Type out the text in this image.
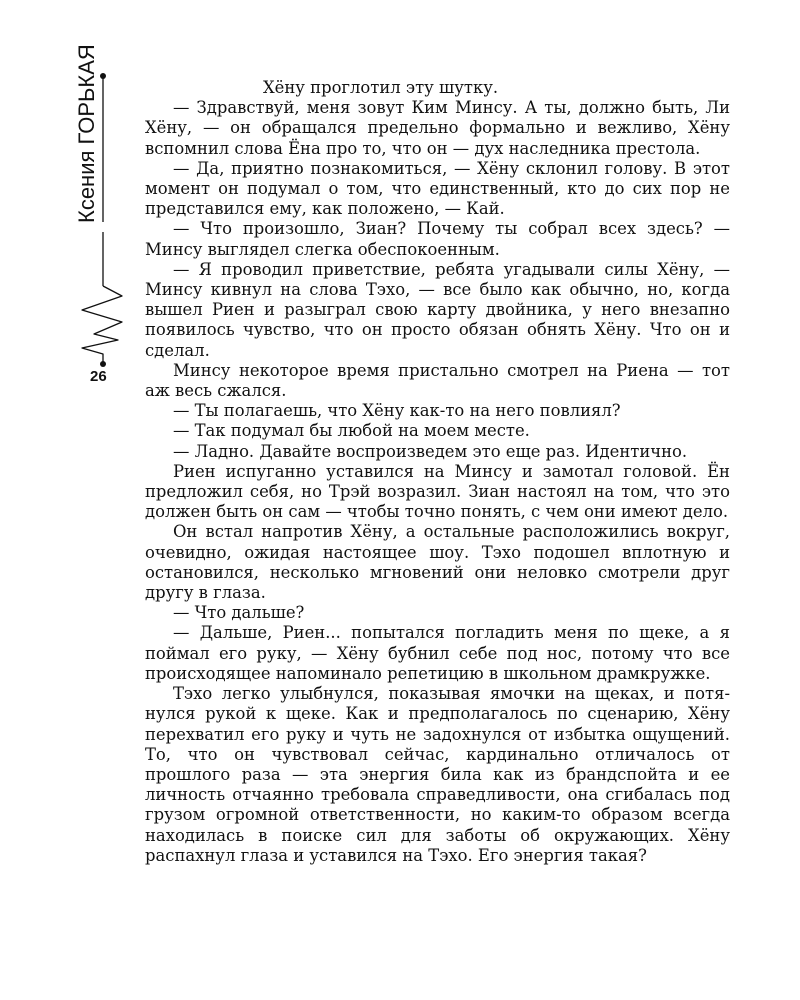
Ксения ГОРЬКАЯ
26

Хёну проглотил эту шутку.

— Здравствуй, меня зовут Ким Минсу. А ты, должно быть, Ли Хёну, — он обращался предельно формально и вежливо, Хёну вспомнил слова Ёна про то, что он — дух наследника престола.

— Да, приятно познакомиться, — Хёну склонил голову. В этот момент он подумал о том, что единственный, кто до сих пор не представился ему, как положено, — Кай.

— Что произошло, Зиан? Почему ты собрал всех здесь? — Минсу выглядел слегка обеспокоенным.

— Я проводил приветствие, ребята угадывали силы Хёну, — Минсу кивнул на слова Тэхо, — все было как обычно, но, когда вышел Риен и разыграл свою карту двойника, у него внезапно появилось чувство, что он просто обязан обнять Хёну. Что он и сделал.

Минсу некоторое время пристально смотрел на Риена — тот аж весь сжался.

— Ты полагаешь, что Хёну как-то на него повлиял?

— Так подумал бы любой на моем месте.

— Ладно. Давайте воспроизведем это еще раз. Идентично.

Риен испуганно уставился на Минсу и замотал головой. Ён предложил себя, но Трэй возразил. Зиан настоял на том, что это должен быть он сам — чтобы точно понять, с чем они имеют дело.

Он встал напротив Хёну, а остальные расположились вокруг, очевидно, ожидая настоящее шоу. Тэхо подошел вплотную и остановился, несколько мгновений они неловко смотрели друг другу в глаза.

— Что дальше?

— Дальше, Риен... попытался погладить меня по щеке, а я поймал его руку, — Хёну бубнил себе под нос, потому что все происходящее напоминало репетицию в школьном драмкружке.

Тэхо легко улыбнулся, показывая ямочки на щеках, и потянулся рукой к щеке. Как и предполагалось по сценарию, Хёну перехватил его руку и чуть не задохнулся от избытка ощущений. То, что он чувствовал сейчас, кардинально отличалось от прошлого раза — эта энергия била как из брандспойта и ее личность отчаянно требовала справедливости, она сгибалась под грузом огромной ответственности, но каким-то образом всегда находилась в поиске сил для заботы об окружающих. Хёну распахнул глаза и уставился на Тэхо. Его энергия такая?
